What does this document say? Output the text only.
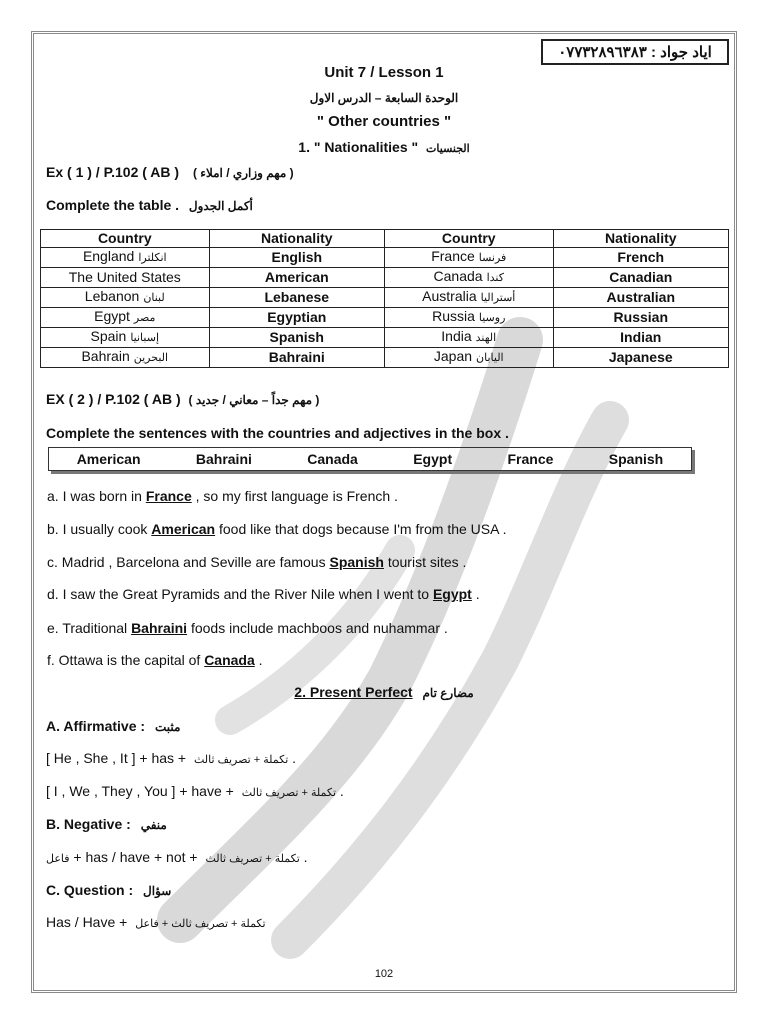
ایاد جواد : ٠٧٧٣٢٨٩٦٣٨٣
Unit 7 / Lesson 1
الوحدة السابعة – الدرس الاول
" Other countries "
1. " Nationalities " الجنسيات
Ex ( 1 ) / P.102 ( AB ) ( مهم وزاري / املاء )
Complete the table . أكمل الجدول
Country	Nationality	Country	Nationality
England انكلترا	English	France فرنسا	French
The United States	American	Canada كندا	Canadian
Lebanon لبنان	Lebanese	Australia أستراليا	Australian
Egypt مصر	Egyptian	Russia روسيا	Russian
Spain إسبانيا	Spanish	India الهند	Indian
Bahrain البحرين	Bahraini	Japan اليابان	Japanese
EX ( 2 ) / P.102 ( AB ) ( مهم جداً – معاني / جديد )
Complete the sentences with the countries and adjectives in the box .
American	Bahraini	Canada	Egypt	France	Spanish
a. I was born in France , so my first language is French .
b. I usually cook American food like that dogs because I'm from the USA .
c. Madrid , Barcelona and Seville are famous Spanish tourist sites .
d. I saw the Great Pyramids and the River Nile when I went to Egypt .
e. Traditional Bahraini foods include machboos and nuhammar .
f. Ottawa is the capital of Canada .
2. Present Perfect مضارع تام
A. Affirmative : مثبت
[ He , She , It ] + has + تكملة + تصريف ثالث .
[ I , We , They , You ] + have + تكملة + تصريف ثالث .
B. Negative : منفي
فاعل + has / have + not + تكملة + تصريف ثالث .
C. Question : سؤال
Has / Have + تكملة + تصريف ثالث + فاعل
102
